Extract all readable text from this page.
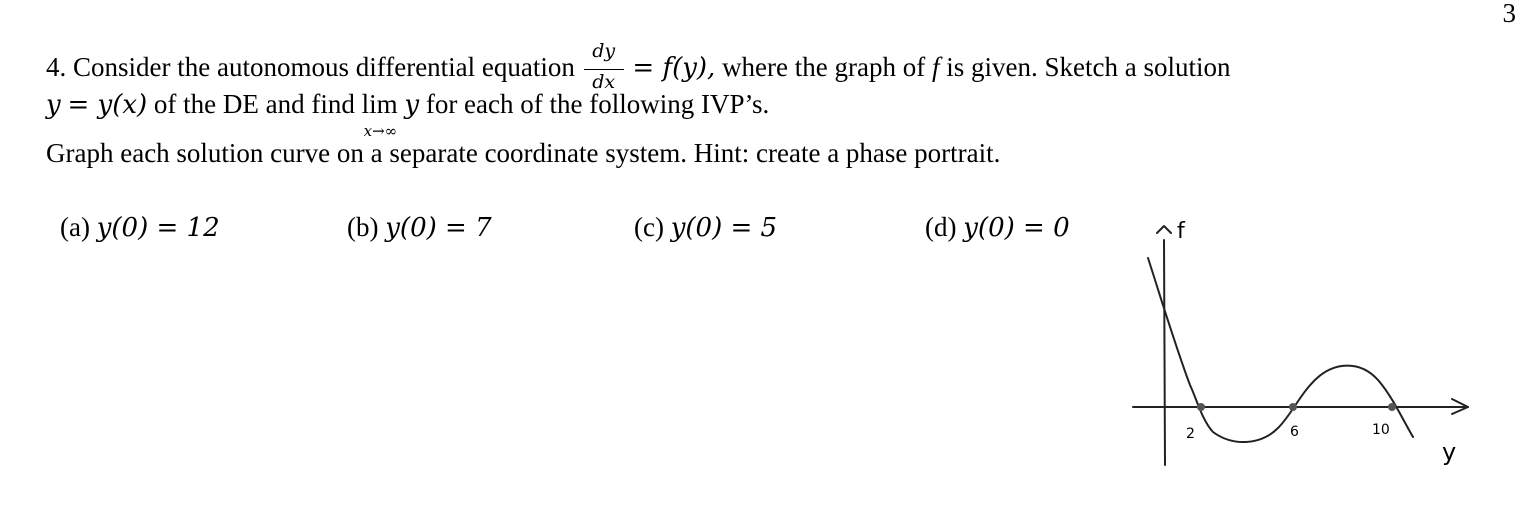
3
4. Consider the autonomous differential equation $\frac{dy}{dx} = f(y)$, where the graph of f is given. Sketch a solution
y = y(x) of the DE and find lim
x→∞
y for each of the following IVP’s.
Graph each solution curve on a separate coordinate system. Hint: create a phase portrait.
(a) y(0) = 12	(b) y(0) = 7	(c) y(0) = 5	(d) y(0) = 0	f
2	6	10
y
